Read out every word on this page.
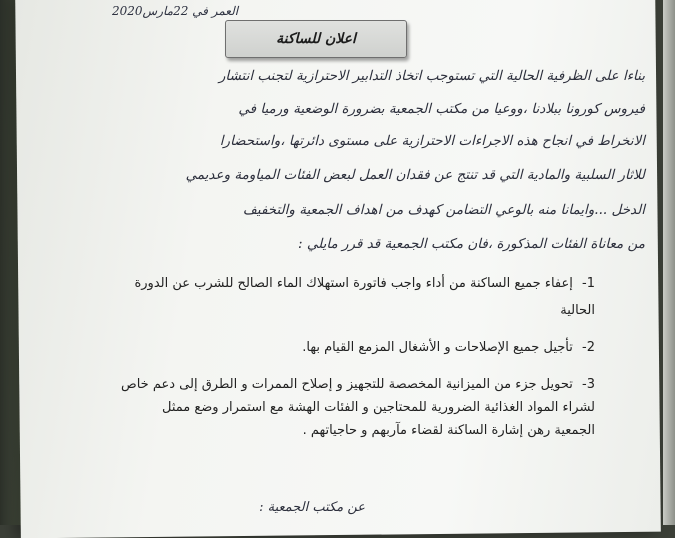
العمر في 22مارس2020
اعلان للساكنة
بناءا على الظرفية الحالية التي تستوجب اتخاذ التدابير الاحترازية لتجنب انتشار
فيروس كورونا ببلادنا ،ووعيا من مكتب الجمعية بضرورة الوضعية ورميا في
الانخراط في انجاح هذه الاجراءات الاحترازية على مستوى دائرتها ،واستحضارا
للاثار السلبية والمادية التي قد تنتج عن فقدان العمل لبعض الفئات المياومة وعديمي
الدخل ...وايمانا منه بالوعي التضامن كهدف من اهداف الجمعية والتخفيف
من معاناة الفئات المذكورة ،فان مكتب الجمعية قد قرر مايلي :
1- إعفاء جميع الساكنة من أداء واجب فاتورة استهلاك الماء الصالح للشرب عن الدورة
الحالية
2- تأجيل جميع الإصلاحات و الأشغال المزمع القيام بها.
3- تحويل جزء من الميزانية المخصصة للتجهيز و إصلاح الممرات و الطرق إلى دعم خاص
لشراء المواد الغذائية الضرورية للمحتاجين و الفئات الهشة مع استمرار وضع ممثل
الجمعية رهن إشارة الساكنة لقضاء مآربهم و حاجياتهم .
عن مكتب الجمعية :
